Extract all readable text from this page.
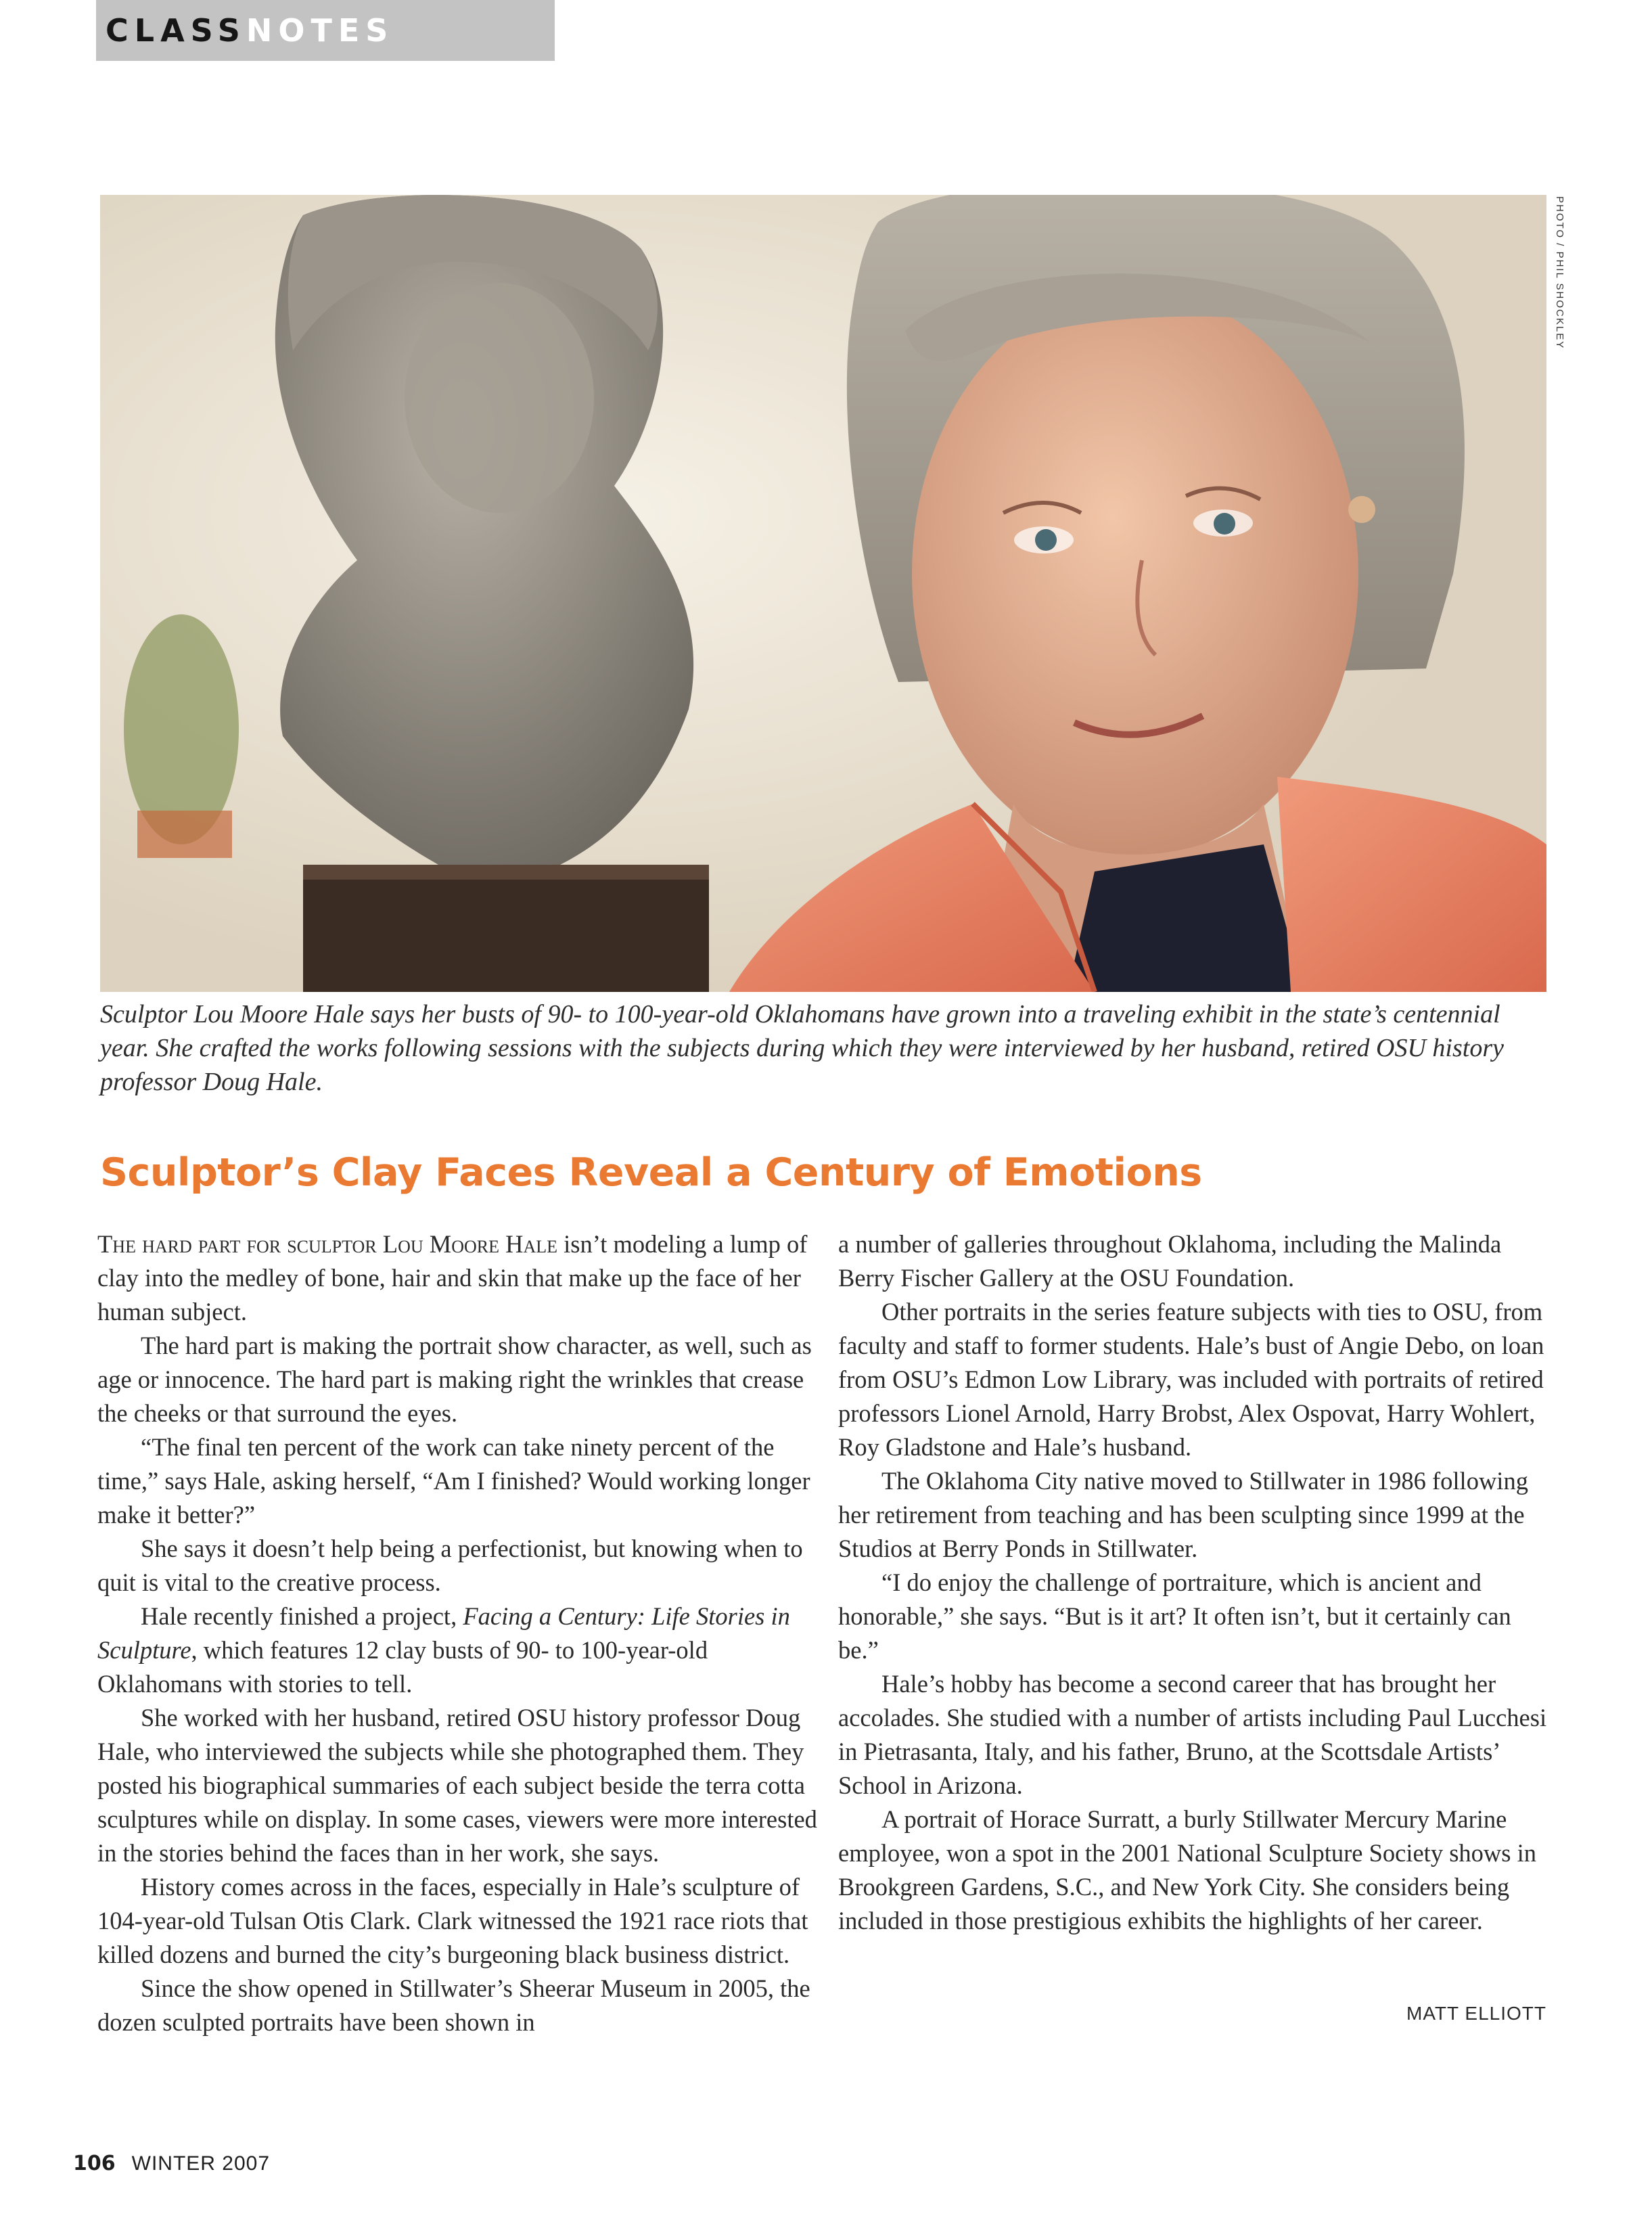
CLASSNOTES
PHOTO / PHIL SHOCKLEY

Sculptor Lou Moore Hale says her busts of 90- to 100-year-old Oklahomans have grown into a traveling exhibit in the state’s centennial year. She crafted the works following sessions with the subjects during which they were interviewed by her husband, retired OSU history professor Doug Hale.

Sculptor’s Clay Faces Reveal a Century of Emotions

The hard part for sculptor Lou Moore Hale isn’t modeling a lump of clay into the medley of bone, hair and skin that make up the face of her human subject.

The hard part is making the portrait show character, as well, such as age or innocence. The hard part is making right the wrinkles that crease the cheeks or that surround the eyes.

“The final ten percent of the work can take ninety percent of the time,” says Hale, asking herself, “Am I finished? Would working longer make it better?”

She says it doesn’t help being a perfectionist, but knowing when to quit is vital to the creative process.

Hale recently finished a project, Facing a Century: Life Stories in Sculpture, which features 12 clay busts of 90- to 100-year-old Oklahomans with stories to tell.

She worked with her husband, retired OSU history professor Doug Hale, who interviewed the subjects while she photographed them. They posted his biographical summaries of each subject beside the terra cotta sculptures while on display. In some cases, viewers were more interested in the stories behind the faces than in her work, she says.

History comes across in the faces, especially in Hale’s sculpture of 104-year-old Tulsan Otis Clark. Clark witnessed the 1921 race riots that killed dozens and burned the city’s burgeoning black business district.

Since the show opened in Stillwater’s Sheerar Museum in 2005, the dozen sculpted portraits have been shown in

a number of galleries throughout Oklahoma, including the Malinda Berry Fischer Gallery at the OSU Foundation.

Other portraits in the series feature subjects with ties to OSU, from faculty and staff to former students. Hale’s bust of Angie Debo, on loan from OSU’s Edmon Low Library, was included with portraits of retired professors Lionel Arnold, Harry Brobst, Alex Ospovat, Harry Wohlert, Roy Gladstone and Hale’s husband.

The Oklahoma City native moved to Stillwater in 1986 following her retirement from teaching and has been sculpting since 1999 at the Studios at Berry Ponds in Stillwater.

“I do enjoy the challenge of portraiture, which is ancient and honorable,” she says. “But is it art? It often isn’t, but it certainly can be.”

Hale’s hobby has become a second career that has brought her accolades. She studied with a number of artists including Paul Lucchesi in Pietrasanta, Italy, and his father, Bruno, at the Scottsdale Artists’ School in Arizona.

A portrait of Horace Surratt, a burly Stillwater Mercury Marine employee, won a spot in the 2001 National Sculpture Society shows in Brookgreen Gardens, S.C., and New York City. She considers being included in those prestigious exhibits the highlights of her career.

MATT ELLIOTT
106 WINTER 2007
